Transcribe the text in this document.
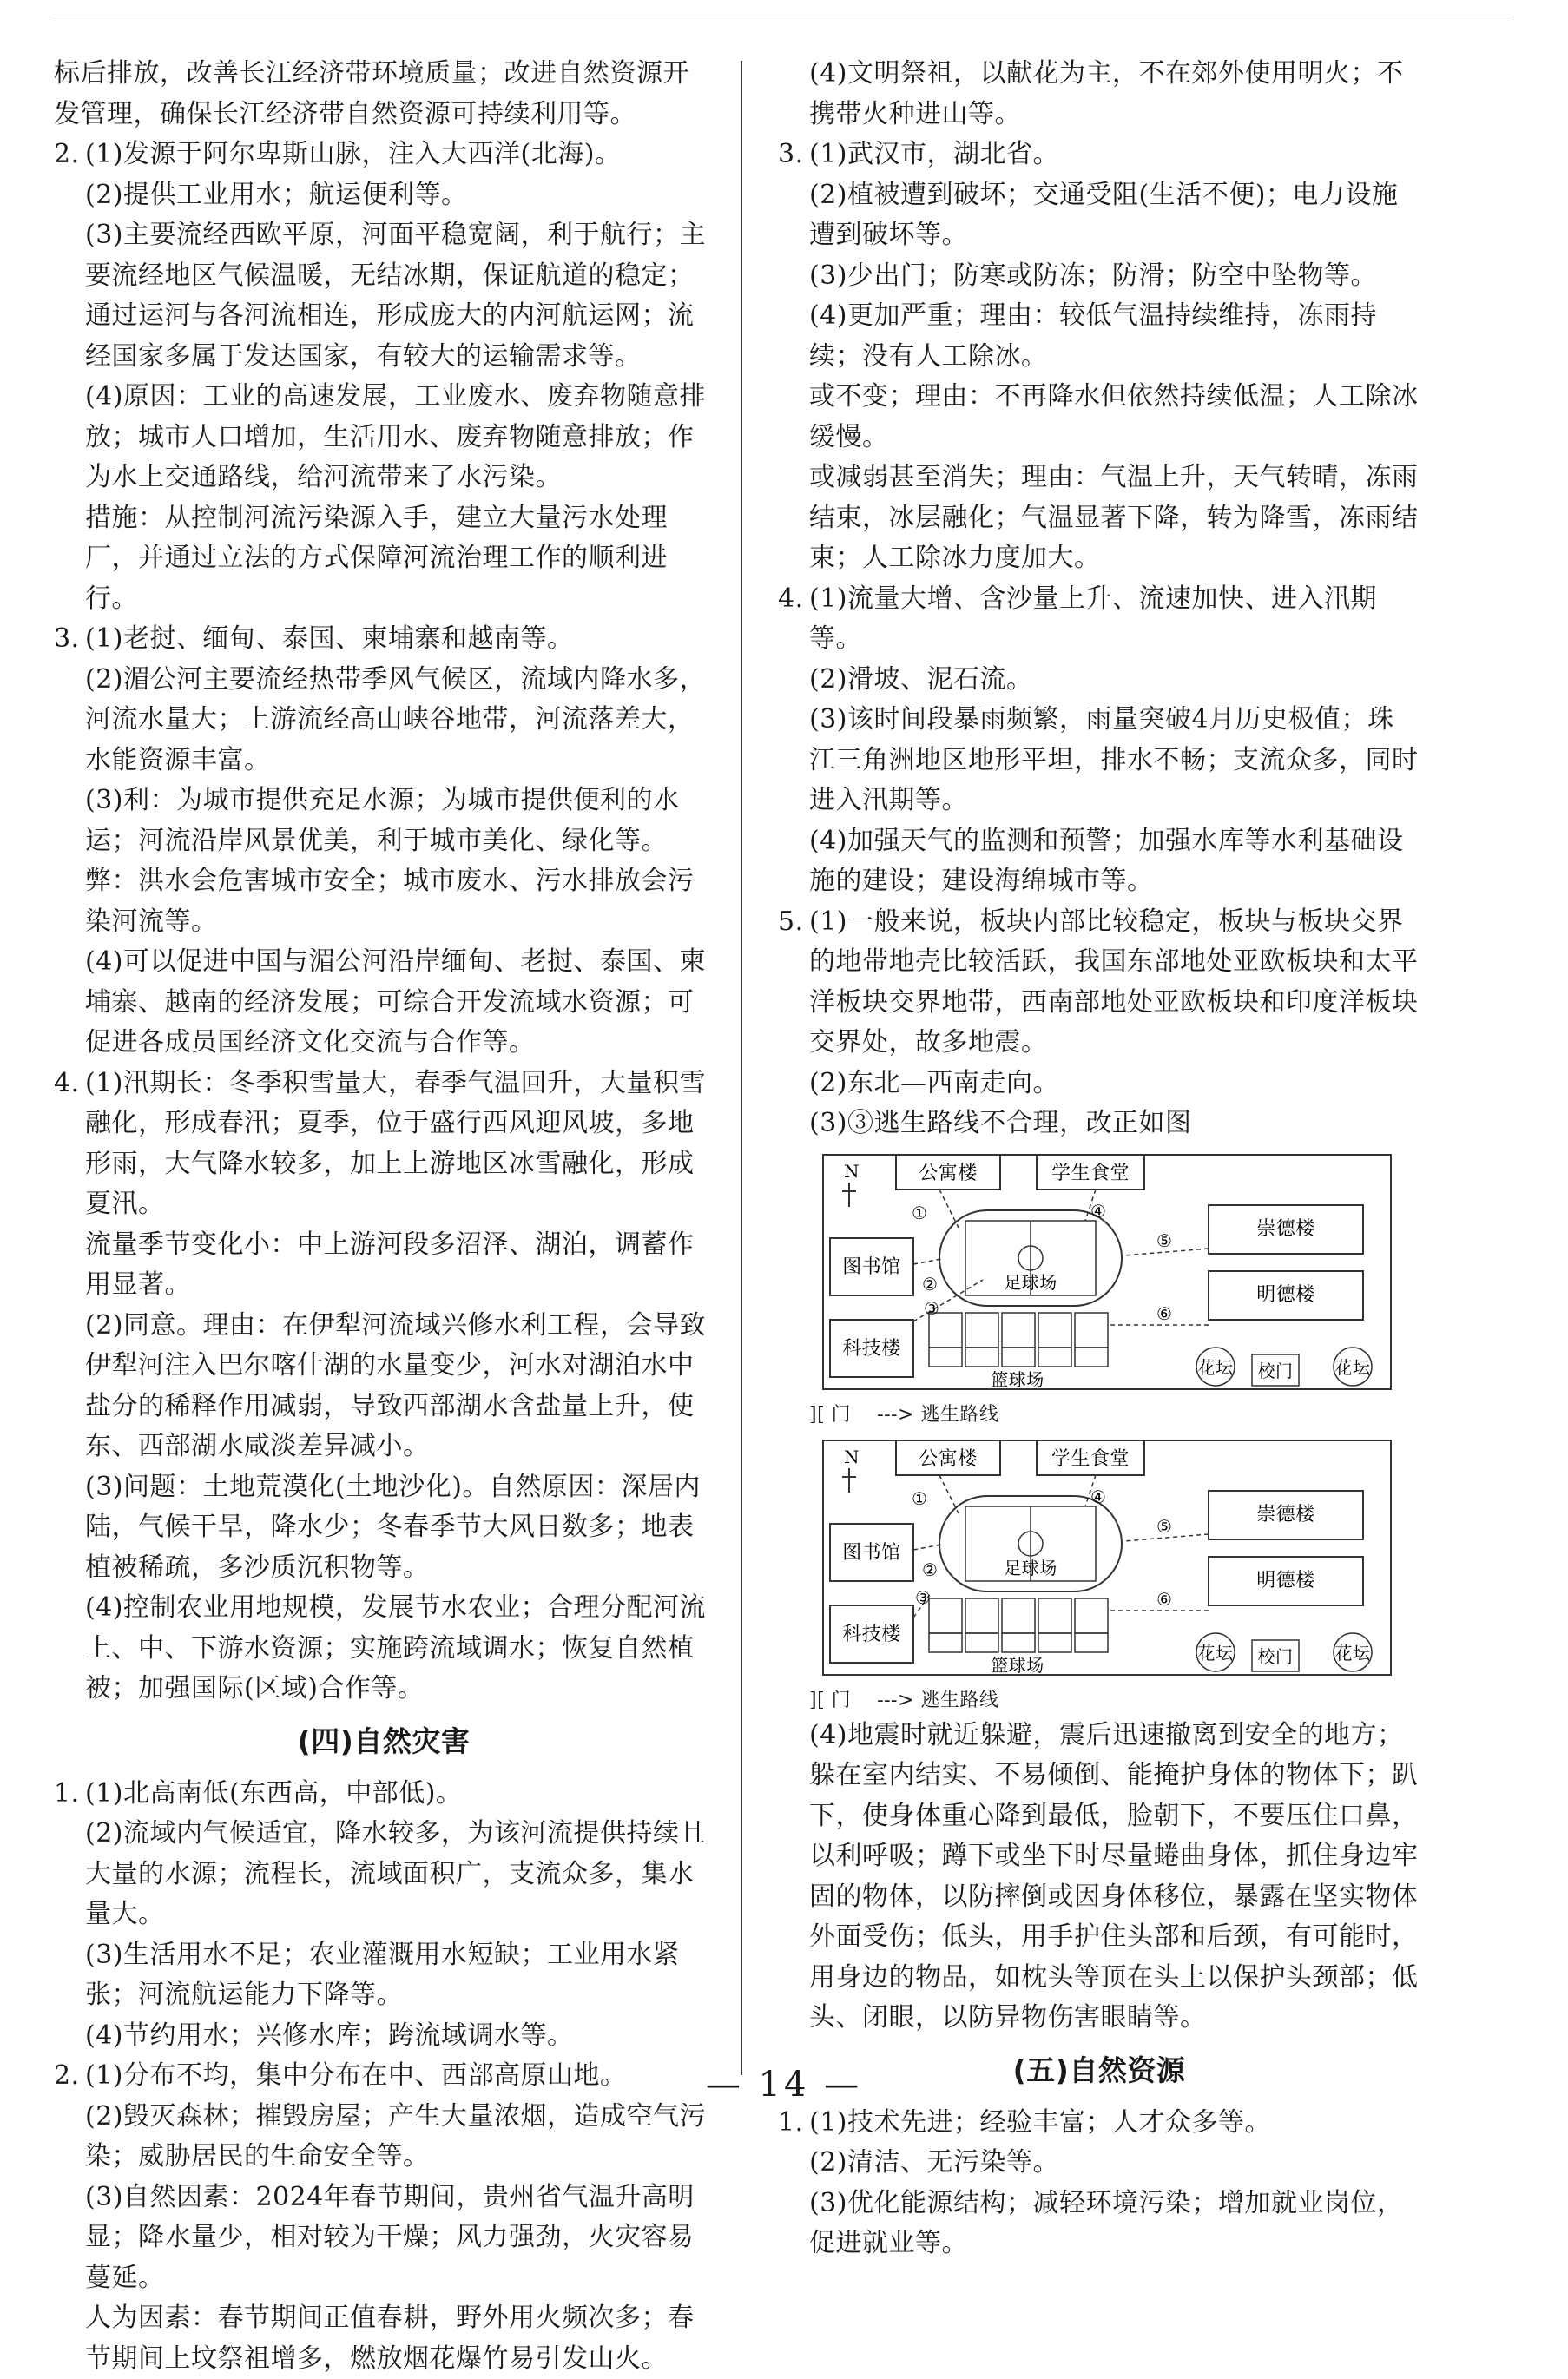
标后排放，改善长江经济带环境质量；改进自然资源开发管理，确保长江经济带自然资源可持续利用等。

2. (1)发源于阿尔卑斯山脉，注入大西洋(北海)。

(2)提供工业用水；航运便利等。

(3)主要流经西欧平原，河面平稳宽阔，利于航行；主要流经地区气候温暖，无结冰期，保证航道的稳定；通过运河与各河流相连，形成庞大的内河航运网；流经国家多属于发达国家，有较大的运输需求等。

(4)原因：工业的高速发展，工业废水、废弃物随意排放；城市人口增加，生活用水、废弃物随意排放；作为水上交通路线，给河流带来了水污染。

措施：从控制河流污染源入手，建立大量污水处理厂，并通过立法的方式保障河流治理工作的顺利进行。

3. (1)老挝、缅甸、泰国、柬埔寨和越南等。

(2)湄公河主要流经热带季风气候区，流域内降水多，河流水量大；上游流经高山峡谷地带，河流落差大，水能资源丰富。

(3)利：为城市提供充足水源；为城市提供便利的水运；河流沿岸风景优美，利于城市美化、绿化等。

弊：洪水会危害城市安全；城市废水、污水排放会污染河流等。

(4)可以促进中国与湄公河沿岸缅甸、老挝、泰国、柬埔寨、越南的经济发展；可综合开发流域水资源；可促进各成员国经济文化交流与合作等。

4. (1)汛期长：冬季积雪量大，春季气温回升，大量积雪融化，形成春汛；夏季，位于盛行西风迎风坡，多地形雨，大气降水较多，加上上游地区冰雪融化，形成夏汛。

流量季节变化小：中上游河段多沼泽、湖泊，调蓄作用显著。

(2)同意。理由：在伊犁河流域兴修水利工程，会导致伊犁河注入巴尔喀什湖的水量变少，河水对湖泊水中盐分的稀释作用减弱，导致西部湖水含盐量上升，使东、西部湖水咸淡差异减小。

(3)问题：土地荒漠化(土地沙化)。自然原因：深居内陆，气候干旱，降水少；冬春季节大风日数多；地表植被稀疏，多沙质沉积物等。

(4)控制农业用地规模，发展节水农业；合理分配河流上、中、下游水资源；实施跨流域调水；恢复自然植被；加强国际(区域)合作等。

(四)自然灾害

1. (1)北高南低(东西高，中部低)。

(2)流域内气候适宜，降水较多，为该河流提供持续且大量的水源；流程长，流域面积广，支流众多，集水量大。

(3)生活用水不足；农业灌溉用水短缺；工业用水紧张；河流航运能力下降等。

(4)节约用水；兴修水库；跨流域调水等。

2. (1)分布不均，集中分布在中、西部高原山地。

(2)毁灭森林；摧毁房屋；产生大量浓烟，造成空气污染；威胁居民的生命安全等。

(3)自然因素：2024年春节期间，贵州省气温升高明显；降水量少，相对较为干燥；风力强劲，火灾容易蔓延。

人为因素：春节期间正值春耕，野外用火频次多；春节期间上坟祭祖增多，燃放烟花爆竹易引发山火。

(4)文明祭祖，以献花为主，不在郊外使用明火；不携带火种进山等。

3. (1)武汉市，湖北省。

(2)植被遭到破坏；交通受阻(生活不便)；电力设施遭到破坏等。

(3)少出门；防寒或防冻；防滑；防空中坠物等。

(4)更加严重；理由：较低气温持续维持，冻雨持续；没有人工除冰。

或不变；理由：不再降水但依然持续低温；人工除冰缓慢。

或减弱甚至消失；理由：气温上升，天气转晴，冻雨结束，冰层融化；气温显著下降，转为降雪，冻雨结束；人工除冰力度加大。

4. (1)流量大增、含沙量上升、流速加快、进入汛期等。

(2)滑坡、泥石流。

(3)该时间段暴雨频繁，雨量突破4月历史极值；珠江三角洲地区地形平坦，排水不畅；支流众多，同时进入汛期等。

(4)加强天气的监测和预警；加强水库等水利基础设施的建设；建设海绵城市等。

5. (1)一般来说，板块内部比较稳定，板块与板块交界的地带地壳比较活跃，我国东部地处亚欧板块和太平洋板块交界地带，西南部地处亚欧板块和印度洋板块交界处，故多地震。

(2)东北—西南走向。

(3)③逃生路线不合理，改正如图

N	公寓楼	学生食堂
图书馆
足球场
崇德楼
明德楼
科技楼
篮球场
花坛 校门 花坛
①	④
②
③
⑤
⑥
][ 门 ---> 逃生路线
N	公寓楼	学生食堂
图书馆
足球场
崇德楼
明德楼
科技楼
篮球场
花坛 校门 花坛
①	④
②
③
⑤
⑥
][ 门 ---> 逃生路线

(4)地震时就近躲避，震后迅速撤离到安全的地方；躲在室内结实、不易倾倒、能掩护身体的物体下；趴下，使身体重心降到最低，脸朝下，不要压住口鼻，以利呼吸；蹲下或坐下时尽量蜷曲身体，抓住身边牢固的物体，以防摔倒或因身体移位，暴露在坚实物体外面受伤；低头，用手护住头部和后颈，有可能时，用身边的物品，如枕头等顶在头上以保护头颈部；低头、闭眼，以防异物伤害眼睛等。

(五)自然资源

1. (1)技术先进；经验丰富；人才众多等。

(2)清洁、无污染等。

(3)优化能源结构；减轻环境污染；增加就业岗位，促进就业等。

— 14 —
